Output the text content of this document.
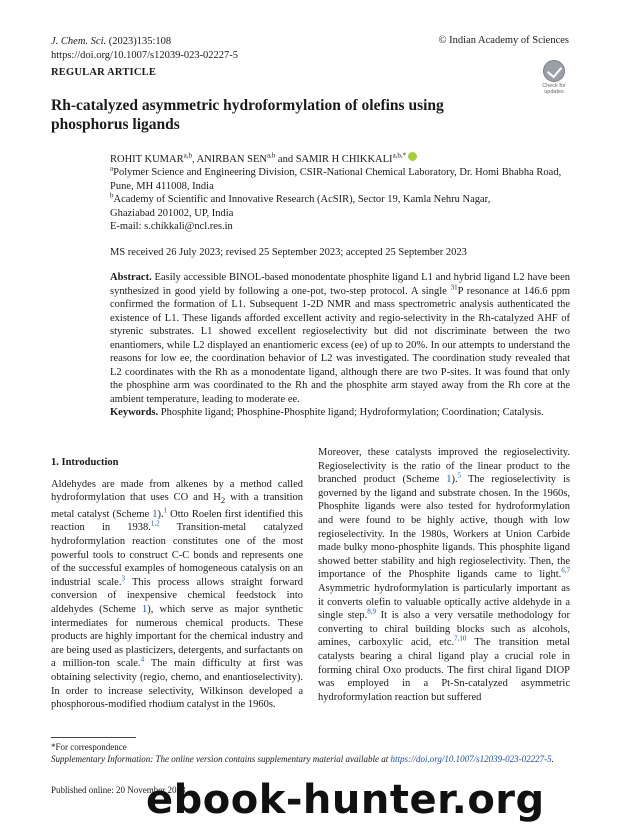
J. Chem. Sci. (2023)135:108
https://doi.org/10.1007/s12039-023-02227-5
© Indian Academy of Sciences
REGULAR ARTICLE
Check for updates
Rh-catalyzed asymmetric hydroformylation of olefins using phosphorus ligands
ROHIT KUMAR$^{a,b}$, ANIRBAN SEN$^{a,b}$ and SAMIR H $CHIKKALI^{a,b,*}$
$^a$Polymer Science and Engineering Division, CSIR-National Chemical Laboratory, Dr. Homi Bhabha Road,
Pune, MH 411008, India
$^b$Academy of Scientific and Innovative Research (AcSIR), Sector 19, Kamla Nehru Nagar,
Ghaziabad 201002, UP, India
E-mail: s.chikkali@ncl.res.in
MS received 26 July 2023; revised 25 September 2023; accepted 25 September 2023
Abstract. Easily accessible BINOL-based monodentate phosphite ligand L1 and hybrid ligand L2 have been synthesized in good yield by following a one-pot, two-step protocol. A single $^{31}$P resonance at 146.6 ppm confirmed the formation of L1. Subsequent 1-2D NMR and mass spectrometric analysis authenticated the existence of L1. These ligands afforded excellent activity and regio-selectivity in the Rh-catalyzed AHF of styrenic substrates. L1 showed excellent regioselectivity but did not discriminate between the two enantiomers, while L2 displayed an enantiomeric excess (ee) of up to 20%. In our attempts to understand the reasons for low ee, the coordination behavior of L2 was investigated. The coordination study revealed that L2 coordinates with the Rh as a monodentate ligand, although there are two P-sites. It was found that only the phosphine arm was coordinated to the Rh and the phosphite arm stayed away from the Rh core at the ambient temperature, leading to moderate ee.
Keywords. Phosphite ligand; Phosphine-Phosphite ligand; Hydroformylation; Coordination; Catalysis.
1. Introduction
Aldehydes are made from alkenes by a method called hydroformylation that uses CO and $H_2$ with a transition metal catalyst (Scheme 1).$^1$ Otto Roelen first identified this reaction in 1938.$^{1,2}$ Transition-metal catalyzed hydroformylation reaction constitutes one of the most powerful tools to construct C-C bonds and represents one of the successful examples of homogeneous catalysis on an industrial scale.$^3$ This process allows straight forward conversion of inexpensive chemical feedstock into aldehydes (Scheme 1), which serve as major synthetic intermediates for numerous chemical products. These products are highly important for the chemical industry and are being used as plasticizers, detergents, and surfactants on a million-ton scale.$^4$ The main difficulty at first was obtaining selectivity (regio, chemo, and enantioselectivity). In order to increase selectivity, Wilkinson developed a phosphorous-modified rhodium catalyst in the 1960s.
Moreover, these catalysts improved the regioselectivity. Regioselectivity is the ratio of the linear product to the branched product (Scheme 1).$^5$ The regioselectivity is governed by the ligand and substrate chosen. In the 1960s, Phosphite ligands were also tested for hydroformylation and were found to be highly active, though with low regioselectivity. In the 1980s, Workers at Union Carbide made bulky mono-phosphite ligands. This phosphite ligand showed better stability and high regioselectivity. Then, the importance of the Phosphite ligands came to light.$^{6,7}$ Asymmetric hydroformylation is particularly important as it converts olefin to valuable optically active aldehyde in a single step.$^{8,9}$ It is also a very versatile methodology for converting to chiral building blocks such as alcohols, amines, carboxylic acid, etc.$^{7,10}$ The transition metal catalysts bearing a chiral ligand play a crucial role in forming chiral Oxo products. The first chiral ligand DIOP was employed in a Pt-Sn-catalyzed asymmetric hydroformylation reaction but suffered
*For correspondence
Supplementary Information: The online version contains supplementary material available at https://doi.org/10.1007/s12039-023-02227-5.
Published online: 20 November 2023
ebook-hunter.org
